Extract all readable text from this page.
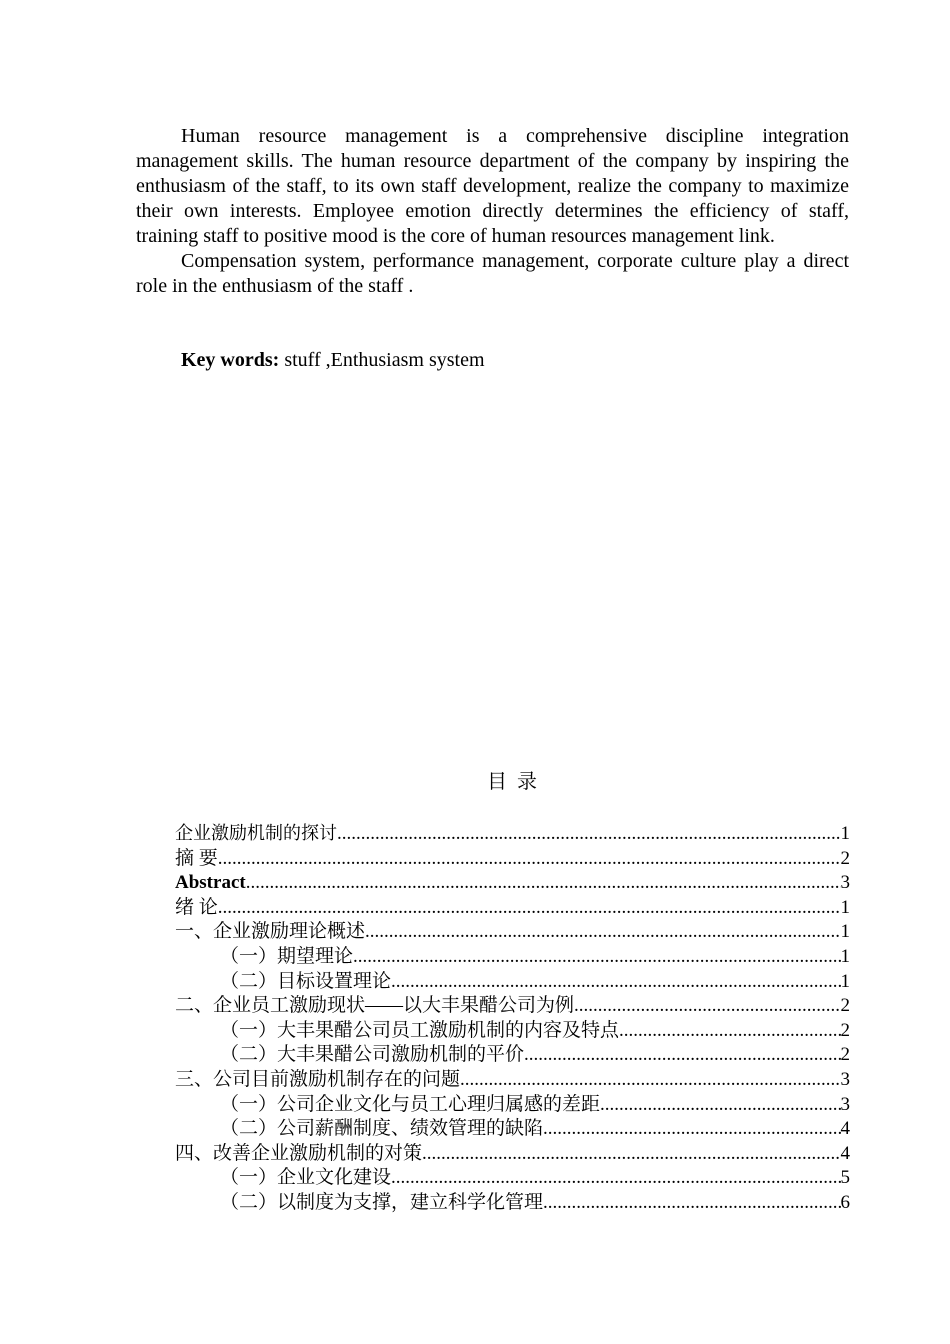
Human resource management is a comprehensive discipline integration management skills. The human resource department of the company by inspiring the enthusiasm of the staff, to its own staff development, realize the company to maximize their own interests. Employee emotion directly determines the efficiency of staff, training staff to positive mood is the core of human resources management link.

Compensation system, performance management, corporate culture play a direct role in the enthusiasm of the staff .

Key words: stuff ,Enthusiasm system
目录
企业激励机制的探讨 .....	1
摘 要 .....	2
Abstract .....	3
绪 论 .....	1
一、企业激励理论概述 .....	1
（一）期望理论 .....	1
（二）目标设置理论 .....	1
二、企业员工激励现状——以大丰果醋公司为例 .....	2
（一）大丰果醋公司员工激励机制的内容及特点 .....	2
（二）大丰果醋公司激励机制的平价 .....	2
三、公司目前激励机制存在的问题 .....	3
（一）公司企业文化与员工心理归属感的差距 .....	3
（二）公司薪酬制度、绩效管理的缺陷 .....	4
四、改善企业激励机制的对策 .....	4
（一）企业文化建设 .....	5
（二）以制度为支撑，建立科学化管理 .....	6
